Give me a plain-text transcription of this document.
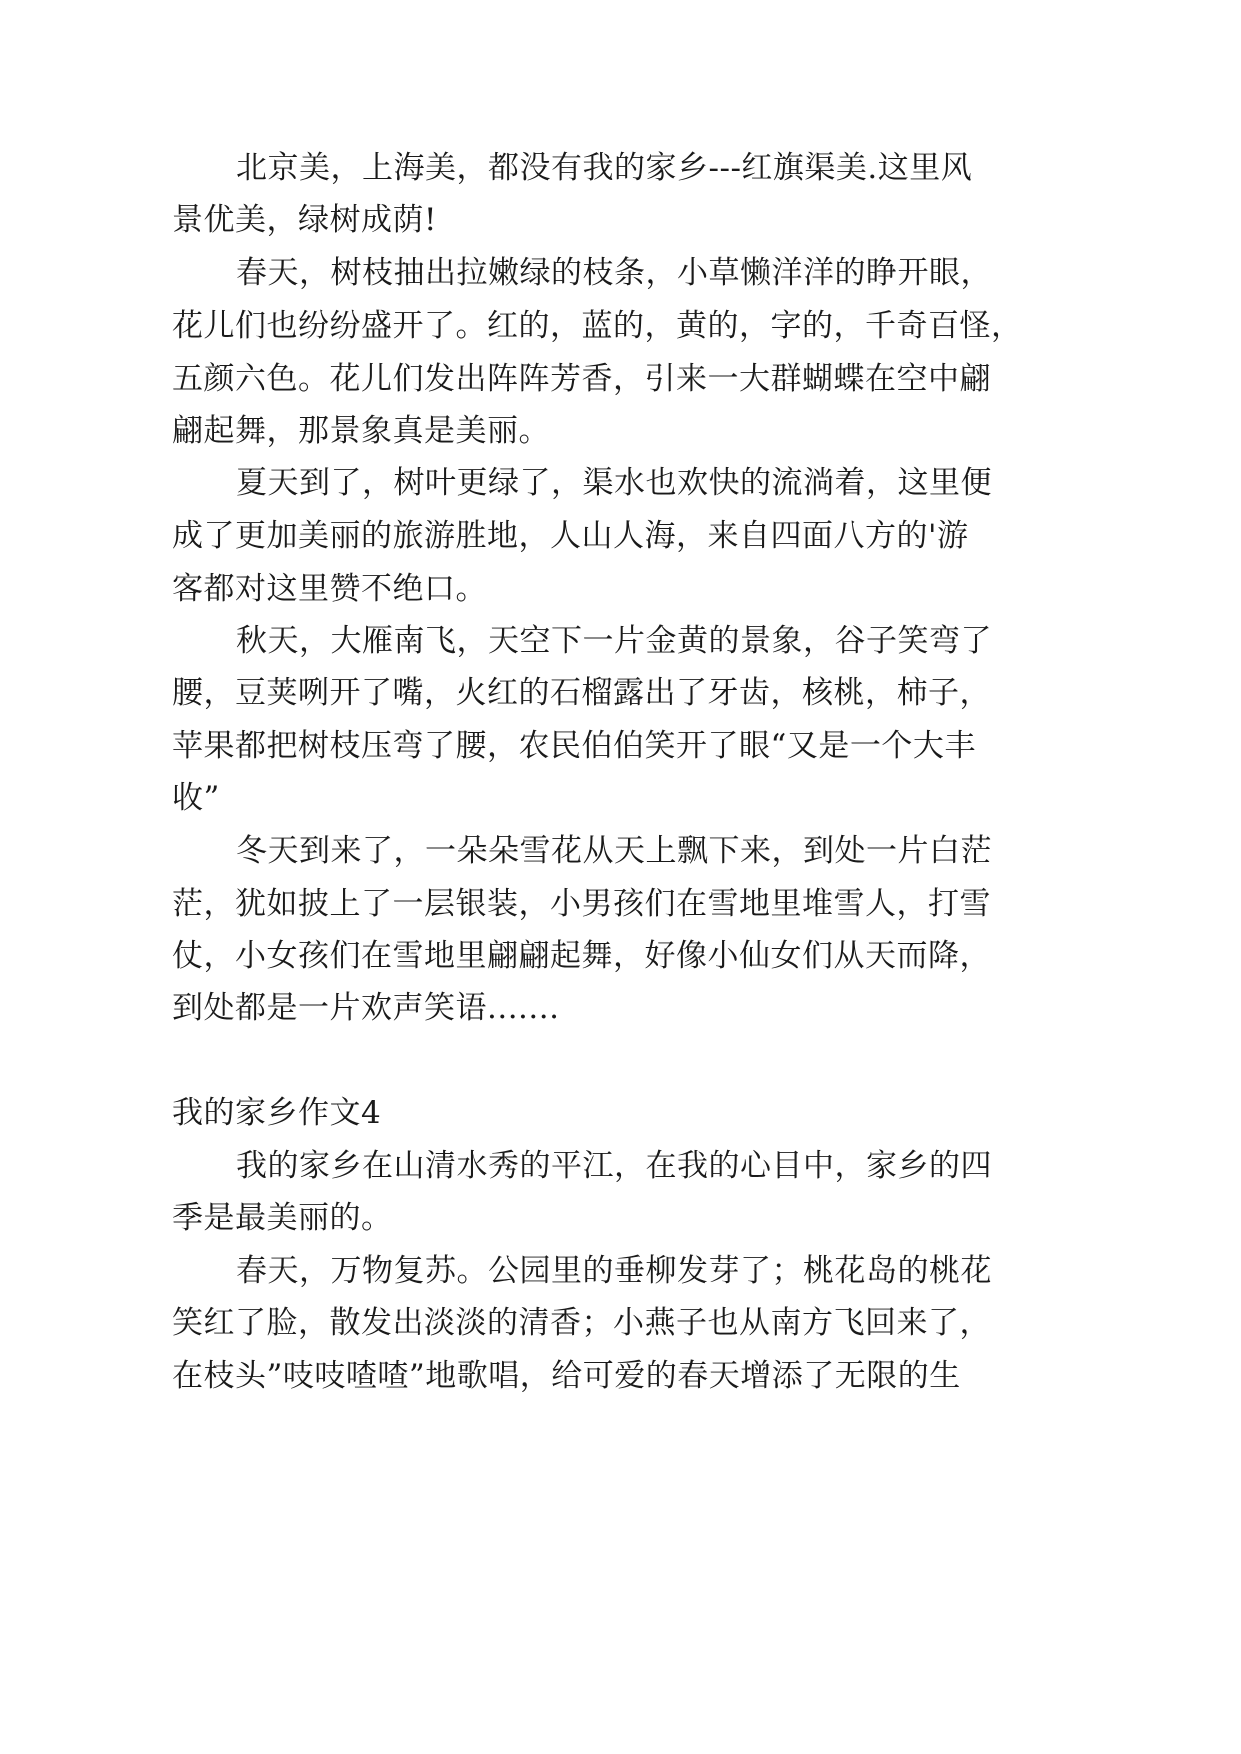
北京美，上海美，都没有我的家乡---红旗渠美.这里风
景优美，绿树成荫!
春天，树枝抽出拉嫩绿的枝条，小草懒洋洋的睁开眼，
花儿们也纷纷盛开了。红的，蓝的，黄的，字的，千奇百怪，
五颜六色。花儿们发出阵阵芳香，引来一大群蝴蝶在空中翩
翩起舞，那景象真是美丽。
夏天到了，树叶更绿了，渠水也欢快的流淌着，这里便
成了更加美丽的旅游胜地，人山人海，来自四面八方的'游
客都对这里赞不绝口。
秋天，大雁南飞，天空下一片金黄的景象，谷子笑弯了
腰，豆荚咧开了嘴，火红的石榴露出了牙齿，核桃，柿子，
苹果都把树枝压弯了腰，农民伯伯笑开了眼“又是一个大丰
收”
冬天到来了，一朵朵雪花从天上飘下来，到处一片白茫
茫，犹如披上了一层银装，小男孩们在雪地里堆雪人，打雪
仗，小女孩们在雪地里翩翩起舞，好像小仙女们从天而降，
到处都是一片欢声笑语.......
我的家乡作文4
我的家乡在山清水秀的平江，在我的心目中，家乡的四
季是最美丽的。
春天，万物复苏。公园里的垂柳发芽了；桃花岛的桃花
笑红了脸，散发出淡淡的清香；小燕子也从南方飞回来了，
在枝头”吱吱喳喳”地歌唱，给可爱的春天增添了无限的生
